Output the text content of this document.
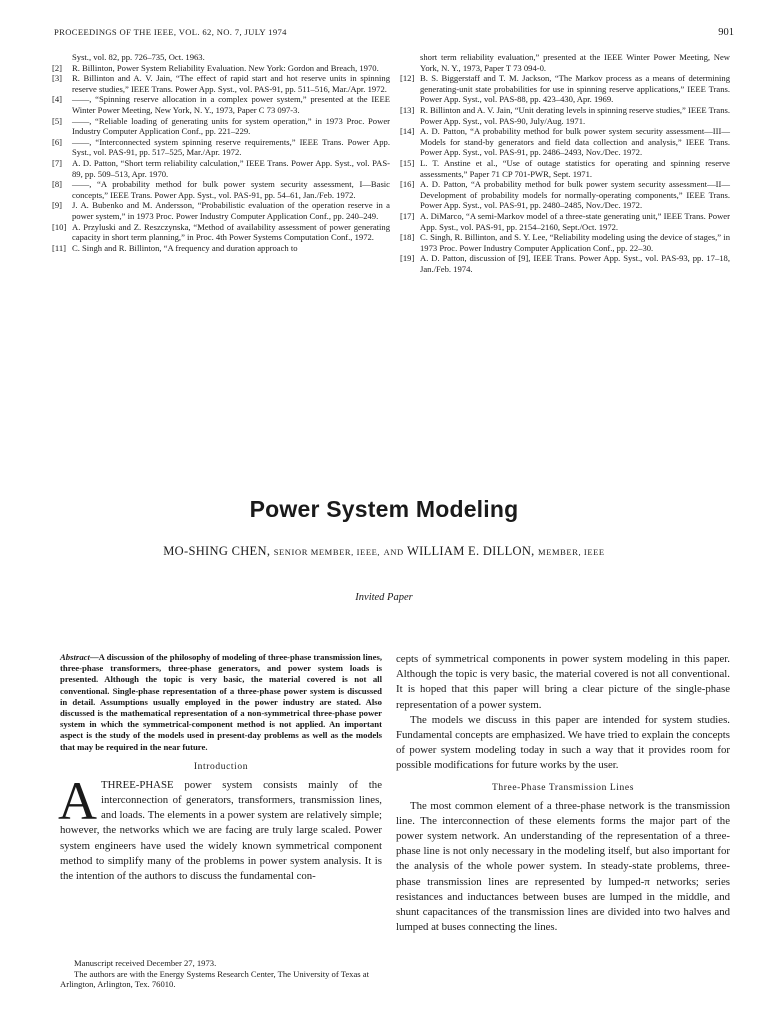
PROCEEDINGS OF THE IEEE, VOL. 62, NO. 7, JULY 1974	901

Syst., vol. 82, pp. 726–735, Oct. 1963.

[2] R. Billinton, Power System Reliability Evaluation. New York: Gordon and Breach, 1970.

[3] R. Billinton and A. V. Jain, “The effect of rapid start and hot reserve units in spinning reserve studies,” IEEE Trans. Power App. Syst., vol. PAS-91, pp. 511–516, Mar./Apr. 1972.

[4] ——, “Spinning reserve allocation in a complex power system,” presented at the IEEE Winter Power Meeting, New York, N. Y., 1973, Paper C 73 097-3.

[5] ——, “Reliable loading of generating units for system operation,” in 1973 Proc. Power Industry Computer Application Conf., pp. 221–229.

[6] ——, “Interconnected system spinning reserve requirements,” IEEE Trans. Power App. Syst., vol. PAS-91, pp. 517–525, Mar./Apr. 1972.

[7] A. D. Patton, “Short term reliability calculation,” IEEE Trans. Power App. Syst., vol. PAS-89, pp. 509–513, Apr. 1970.

[8] ——, “A probability method for bulk power system security assessment, I—Basic concepts,” IEEE Trans. Power App. Syst., vol. PAS-91, pp. 54–61, Jan./Feb. 1972.

[9] J. A. Bubenko and M. Andersson, “Probabilistic evaluation of the operation reserve in a power system,” in 1973 Proc. Power Industry Computer Application Conf., pp. 240–249.

[10] A. Przyluski and Z. Reszczynska, “Method of availability assessment of power generating capacity in short term planning,” in Proc. 4th Power Systems Computation Conf., 1972.

[11] C. Singh and R. Billinton, “A frequency and duration approach to

short term reliability evaluation,” presented at the IEEE Winter Power Meeting, New York, N. Y., 1973, Paper T 73 094-0.

[12] B. S. Biggerstaff and T. M. Jackson, “The Markov process as a means of determining generating-unit state probabilities for use in spinning reserve applications,” IEEE Trans. Power App. Syst., vol. PAS-88, pp. 423–430, Apr. 1969.

[13] R. Billinton and A. V. Jain, “Unit derating levels in spinning reserve studies,” IEEE Trans. Power App. Syst., vol. PAS-90, July/Aug. 1971.

[14] A. D. Patton, “A probability method for bulk power system security assessment—III—Models for stand-by generators and field data collection and analysis,” IEEE Trans. Power App. Syst., vol. PAS-91, pp. 2486–2493, Nov./Dec. 1972.

[15] L. T. Anstine et al., “Use of outage statistics for operating and spinning reserve assessments,” Paper 71 CP 701-PWR, Sept. 1971.

[16] A. D. Patton, “A probability method for bulk power system security assessment—II—Development of probability models for normally-operating components,” IEEE Trans. Power App. Syst., vol. PAS-91, pp. 2480–2485, Nov./Dec. 1972.

[17] A. DiMarco, “A semi-Markov model of a three-state generating unit,” IEEE Trans. Power App. Syst., vol. PAS-91, pp. 2154–2160, Sept./Oct. 1972.

[18] C. Singh, R. Billinton, and S. Y. Lee, “Reliability modeling using the device of stages,” in 1973 Proc. Power Industry Computer Application Conf., pp. 22–30.

[19] A. D. Patton, discussion of [9], IEEE Trans. Power App. Syst., vol. PAS-93, pp. 17–18, Jan./Feb. 1974.

Power System Modeling
MO-SHING CHEN, SENIOR MEMBER, IEEE, AND WILLIAM E. DILLON, MEMBER, IEEE
Invited Paper

Abstract—A discussion of the philosophy of modeling of three-phase transmission lines, three-phase transformers, three-phase generators, and power system loads is presented. Although the topic is very basic, the material covered is not all conventional. Single-phase representation of a three-phase power system is discussed in detail. Assumptions usually employed in the power industry are stated. Also discussed is the mathematical representation of a non-symmetrical three-phase power system in which the symmetrical-component method is not applied. An important aspect is the study of the models used in present-day problems as well as the models that may be required in the near future.

Introduction
A THREE-PHASE power system consists mainly of the interconnection of generators, transformers, transmission lines, and loads. The elements in a power system are relatively simple; however, the networks which we are facing are truly large scaled. Power system engineers have used the widely known symmetrical component method to simplify many of the problems in power system analysis. It is the intention of the authors to discuss the fundamental con-

cepts of symmetrical components in power system modeling in this paper. Although the topic is very basic, the material covered is not all conventional. It is hoped that this paper will bring a clear picture of the single-phase representation of a power system.

The models we discuss in this paper are intended for system studies. Fundamental concepts are emphasized. We have tried to explain the concepts of power system modeling today in such a way that it provides room for possible modifications for future works by the user.

Three-Phase Transmission Lines

The most common element of a three-phase network is the transmission line. The interconnection of these elements forms the major part of the power system network. An understanding of the representation of a three-phase line is not only necessary in the modeling itself, but also important for the analysis of the whole power system. In steady-state problems, three-phase transmission lines are represented by lumped-π networks; series resistances and inductances between buses are lumped in the middle, and shunt capacitances of the transmission lines are divided into two halves and lumped at buses connecting the lines.

Manuscript received December 27, 1973.

The authors are with the Energy Systems Research Center, The University of Texas at Arlington, Arlington, Tex. 76010.
